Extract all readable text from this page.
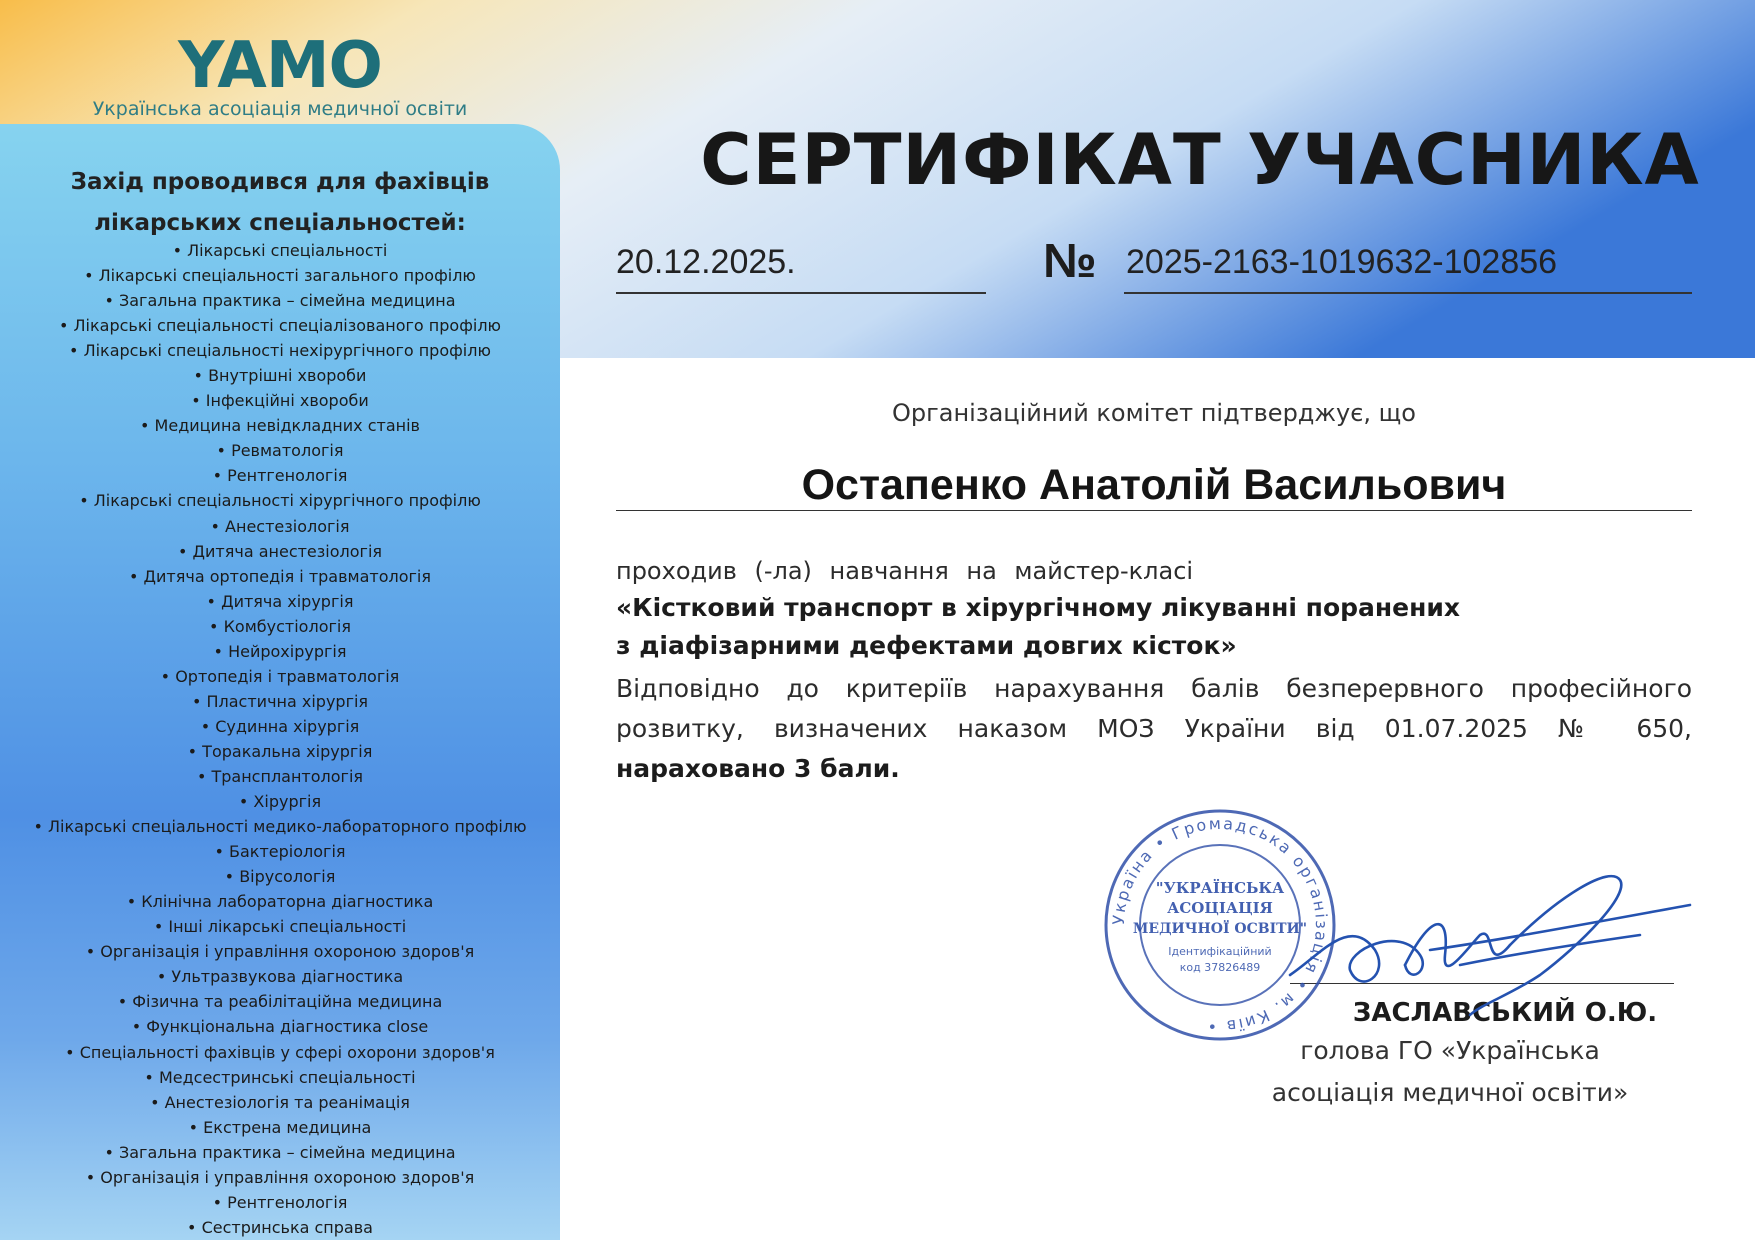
YAMO
Українська асоціація медичної освіти
Захід проводився для фахівців
лікарських спеціальностей:
• Лікарські спеціальності
• Лікарські спеціальності загального профілю
• Загальна практика – сімейна медицина
• Лікарські спеціальності спеціалізованого профілю
• Лікарські спеціальності нехірургічного профілю
• Внутрішні хвороби
• Інфекційні хвороби
• Медицина невідкладних станів
• Ревматологія
• Рентгенологія
• Лікарські спеціальності хірургічного профілю
• Анестезіологія
• Дитяча анестезіологія
• Дитяча ортопедія і травматологія
• Дитяча хірургія
• Комбустіологія
• Нейрохірургія
• Ортопедія і травматологія
• Пластична хірургія
• Судинна хірургія
• Торакальна хірургія
• Трансплантологія
• Хірургія
• Лікарські спеціальності медико-лабораторного профілю
• Бактеріологія
• Вірусологія
• Клінічна лабораторна діагностика
• Інші лікарські спеціальності
• Організація і управління охороною здоров'я
• Ультразвукова діагностика
• Фізична та реабілітаційна медицина
• Функціональна діагностика close
• Спеціальності фахівців у сфері охорони здоров'я
• Медсестринські спеціальності
• Анестезіологія та реанімація
• Екстрена медицина
• Загальна практика – сімейна медицина
• Організація і управління охороною здоров'я
• Рентгенологія
• Сестринська справа
СЕРТИФІКАТ УЧАСНИКА
20.12.2025.	№ 2025-2163-1019632-102856
Організаційний комітет підтверджує, що
Остапенко Анатолій Васильович
проходив (-ла) навчання на майстер-класі
«Кістковий транспорт в хірургічному лікуванні поранених
з діафізарними дефектами довгих кісток»
Відповідно до критеріїв нарахування балів безперервного професійного
розвитку, визначених наказом МОЗ України від 01.07.2025 № 650,
нараховано 3 бали.
Україна • Громадська організація • м. Київ •
"УКРАЇНСЬКА
АСОЦІАЦІЯ
МЕДИЧНОЇ ОСВІТИ"
Ідентифікаційний
код 37826489
ЗАСЛАВСЬКИЙ О.Ю.
голова ГО «Українська
асоціація медичної освіти»
